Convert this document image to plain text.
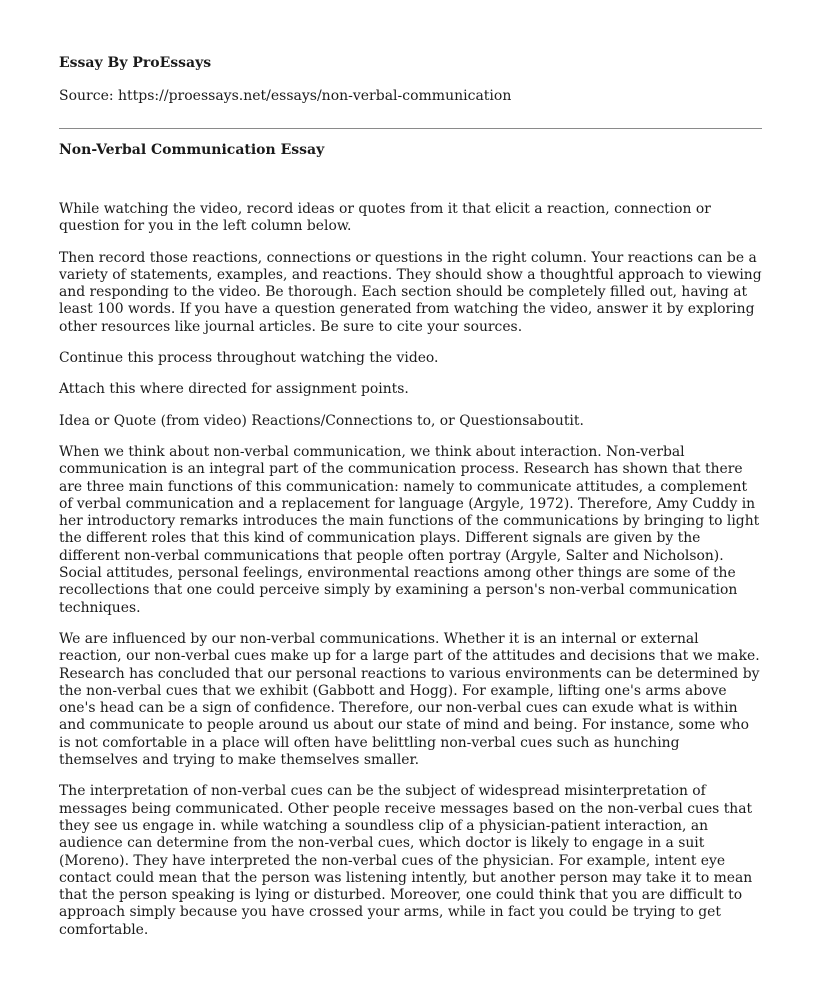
Essay By ProEssays
Source: https://proessays.net/essays/non-verbal-communication
Non-Verbal Communication Essay

While watching the video, record ideas or quotes from it that elicit a reaction, connection or question for you in the left column below.

Then record those reactions, connections or questions in the right column. Your reactions can be a variety of statements, examples, and reactions. They should show a thoughtful approach to viewing and responding to the video. Be thorough. Each section should be completely filled out, having at least 100 words. If you have a question generated from watching the video, answer it by exploring other resources like journal articles. Be sure to cite your sources.

Continue this process throughout watching the video.

Attach this where directed for assignment points.

Idea or Quote (from video) Reactions/Connections to, or Questionsaboutit.

When we think about non-verbal communication, we think about interaction. Non-verbal communication is an integral part of the communication process. Research has shown that there are three main functions of this communication: namely to communicate attitudes, a complement of verbal communication and a replacement for language (Argyle, 1972). Therefore, Amy Cuddy in her introductory remarks introduces the main functions of the communications by bringing to light the different roles that this kind of communication plays. Different signals are given by the different non-verbal communications that people often portray (Argyle, Salter and Nicholson). Social attitudes, personal feelings, environmental reactions among other things are some of the recollections that one could perceive simply by examining a person's non-verbal communication techniques.

We are influenced by our non-verbal communications. Whether it is an internal or external reaction, our non-verbal cues make up for a large part of the attitudes and decisions that we make. Research has concluded that our personal reactions to various environments can be determined by the non-verbal cues that we exhibit (Gabbott and Hogg). For example, lifting one's arms above one's head can be a sign of confidence. Therefore, our non-verbal cues can exude what is within and communicate to people around us about our state of mind and being. For instance, some who is not comfortable in a place will often have belittling non-verbal cues such as hunching themselves and trying to make themselves smaller.

The interpretation of non-verbal cues can be the subject of widespread misinterpretation of messages being communicated. Other people receive messages based on the non-verbal cues that they see us engage in. while watching a soundless clip of a physician-patient interaction, an audience can determine from the non-verbal cues, which doctor is likely to engage in a suit (Moreno). They have interpreted the non-verbal cues of the physician. For example, intent eye contact could mean that the person was listening intently, but another person may take it to mean that the person speaking is lying or disturbed. Moreover, one could think that you are difficult to approach simply because you have crossed your arms, while in fact you could be trying to get comfortable.
